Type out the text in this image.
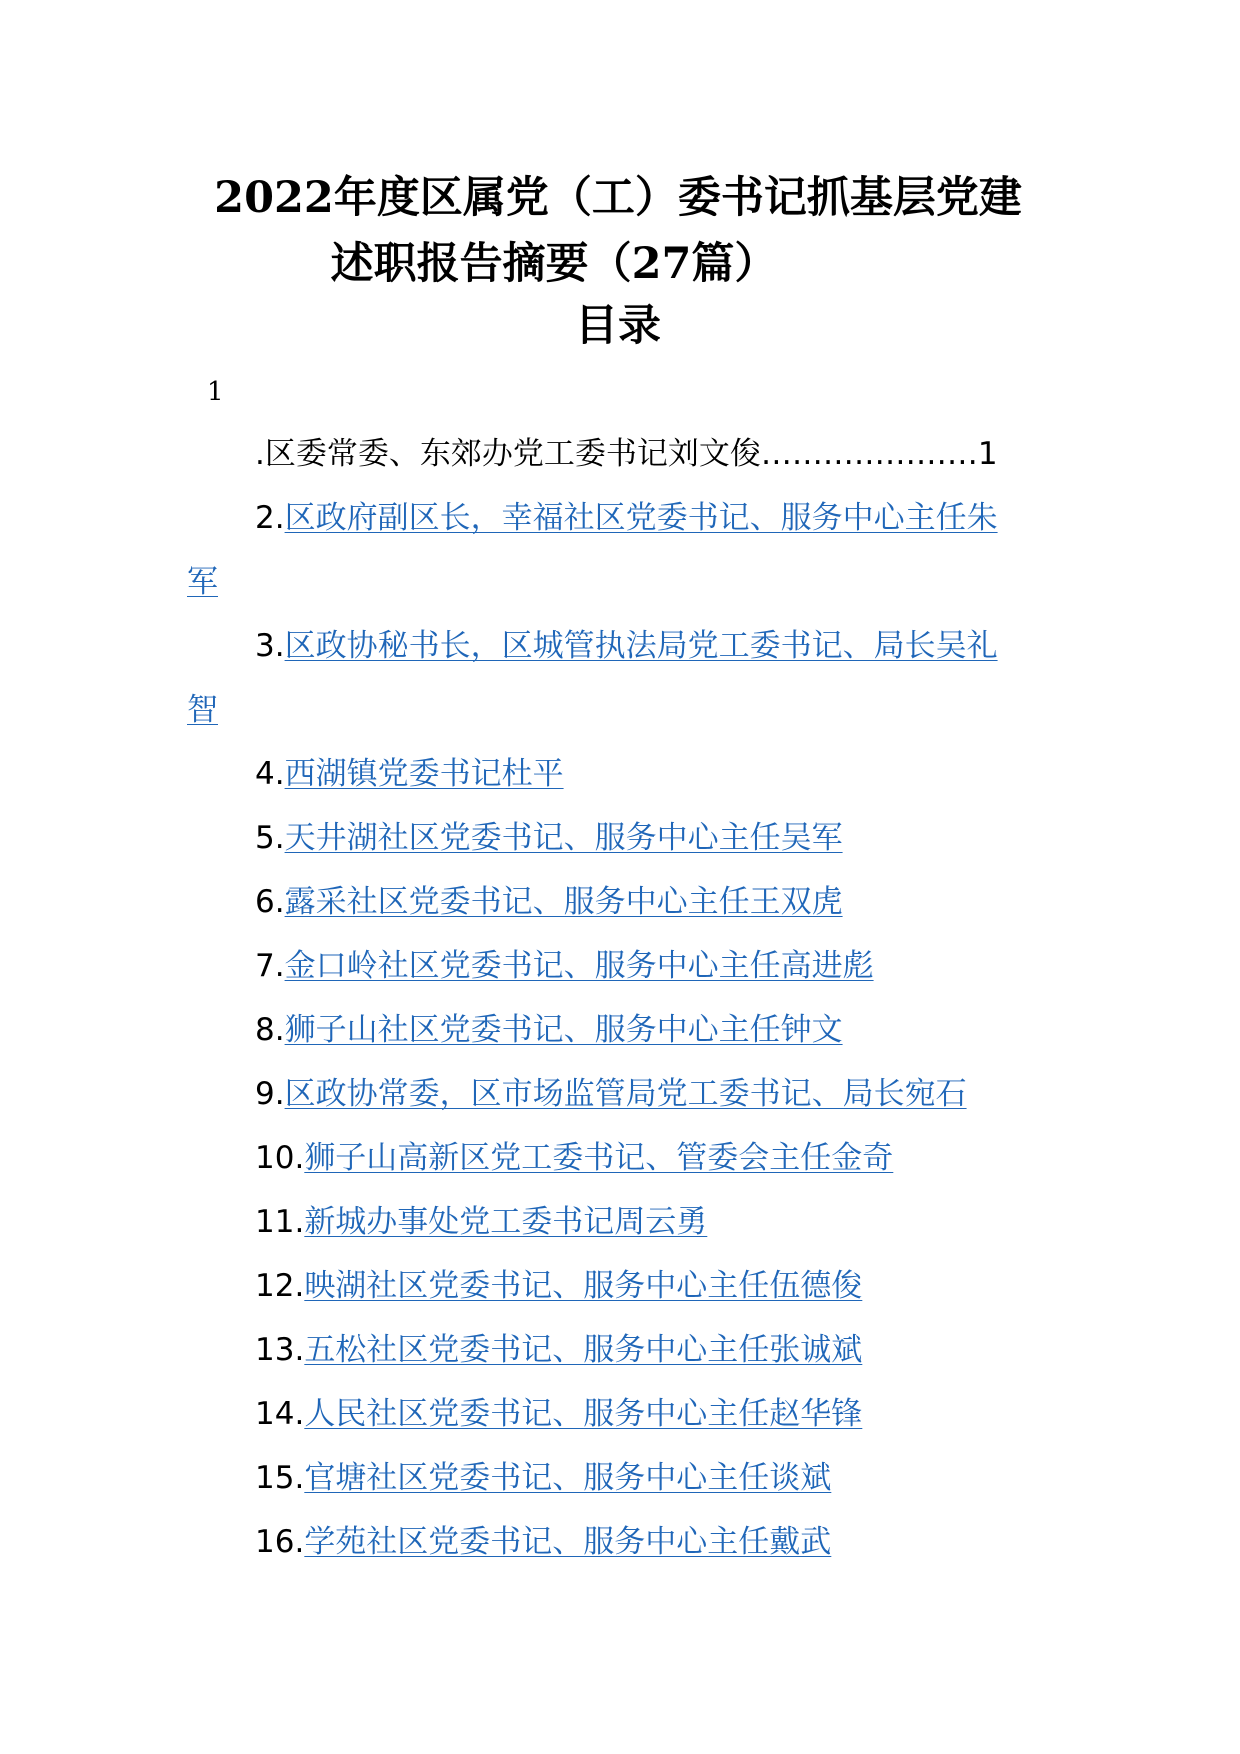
2022年度区属党（工）委书记抓基层党建
述职报告摘要（27篇）
目录
1
.区委常委、东郊办党工委书记刘文俊…………………1
2.区政府副区长，幸福社区党委书记、服务中心主任朱
军
3.区政协秘书长，区城管执法局党工委书记、局长吴礼
智
4.西湖镇党委书记杜平
5.天井湖社区党委书记、服务中心主任吴军
6.露采社区党委书记、服务中心主任王双虎
7.金口岭社区党委书记、服务中心主任高进彪
8.狮子山社区党委书记、服务中心主任钟文
9.区政协常委，区市场监管局党工委书记、局长宛石
10.狮子山高新区党工委书记、管委会主任金奇
11.新城办事处党工委书记周云勇
12.映湖社区党委书记、服务中心主任伍德俊
13.五松社区党委书记、服务中心主任张诚斌
14.人民社区党委书记、服务中心主任赵华锋
15.官塘社区党委书记、服务中心主任谈斌
16.学苑社区党委书记、服务中心主任戴武
